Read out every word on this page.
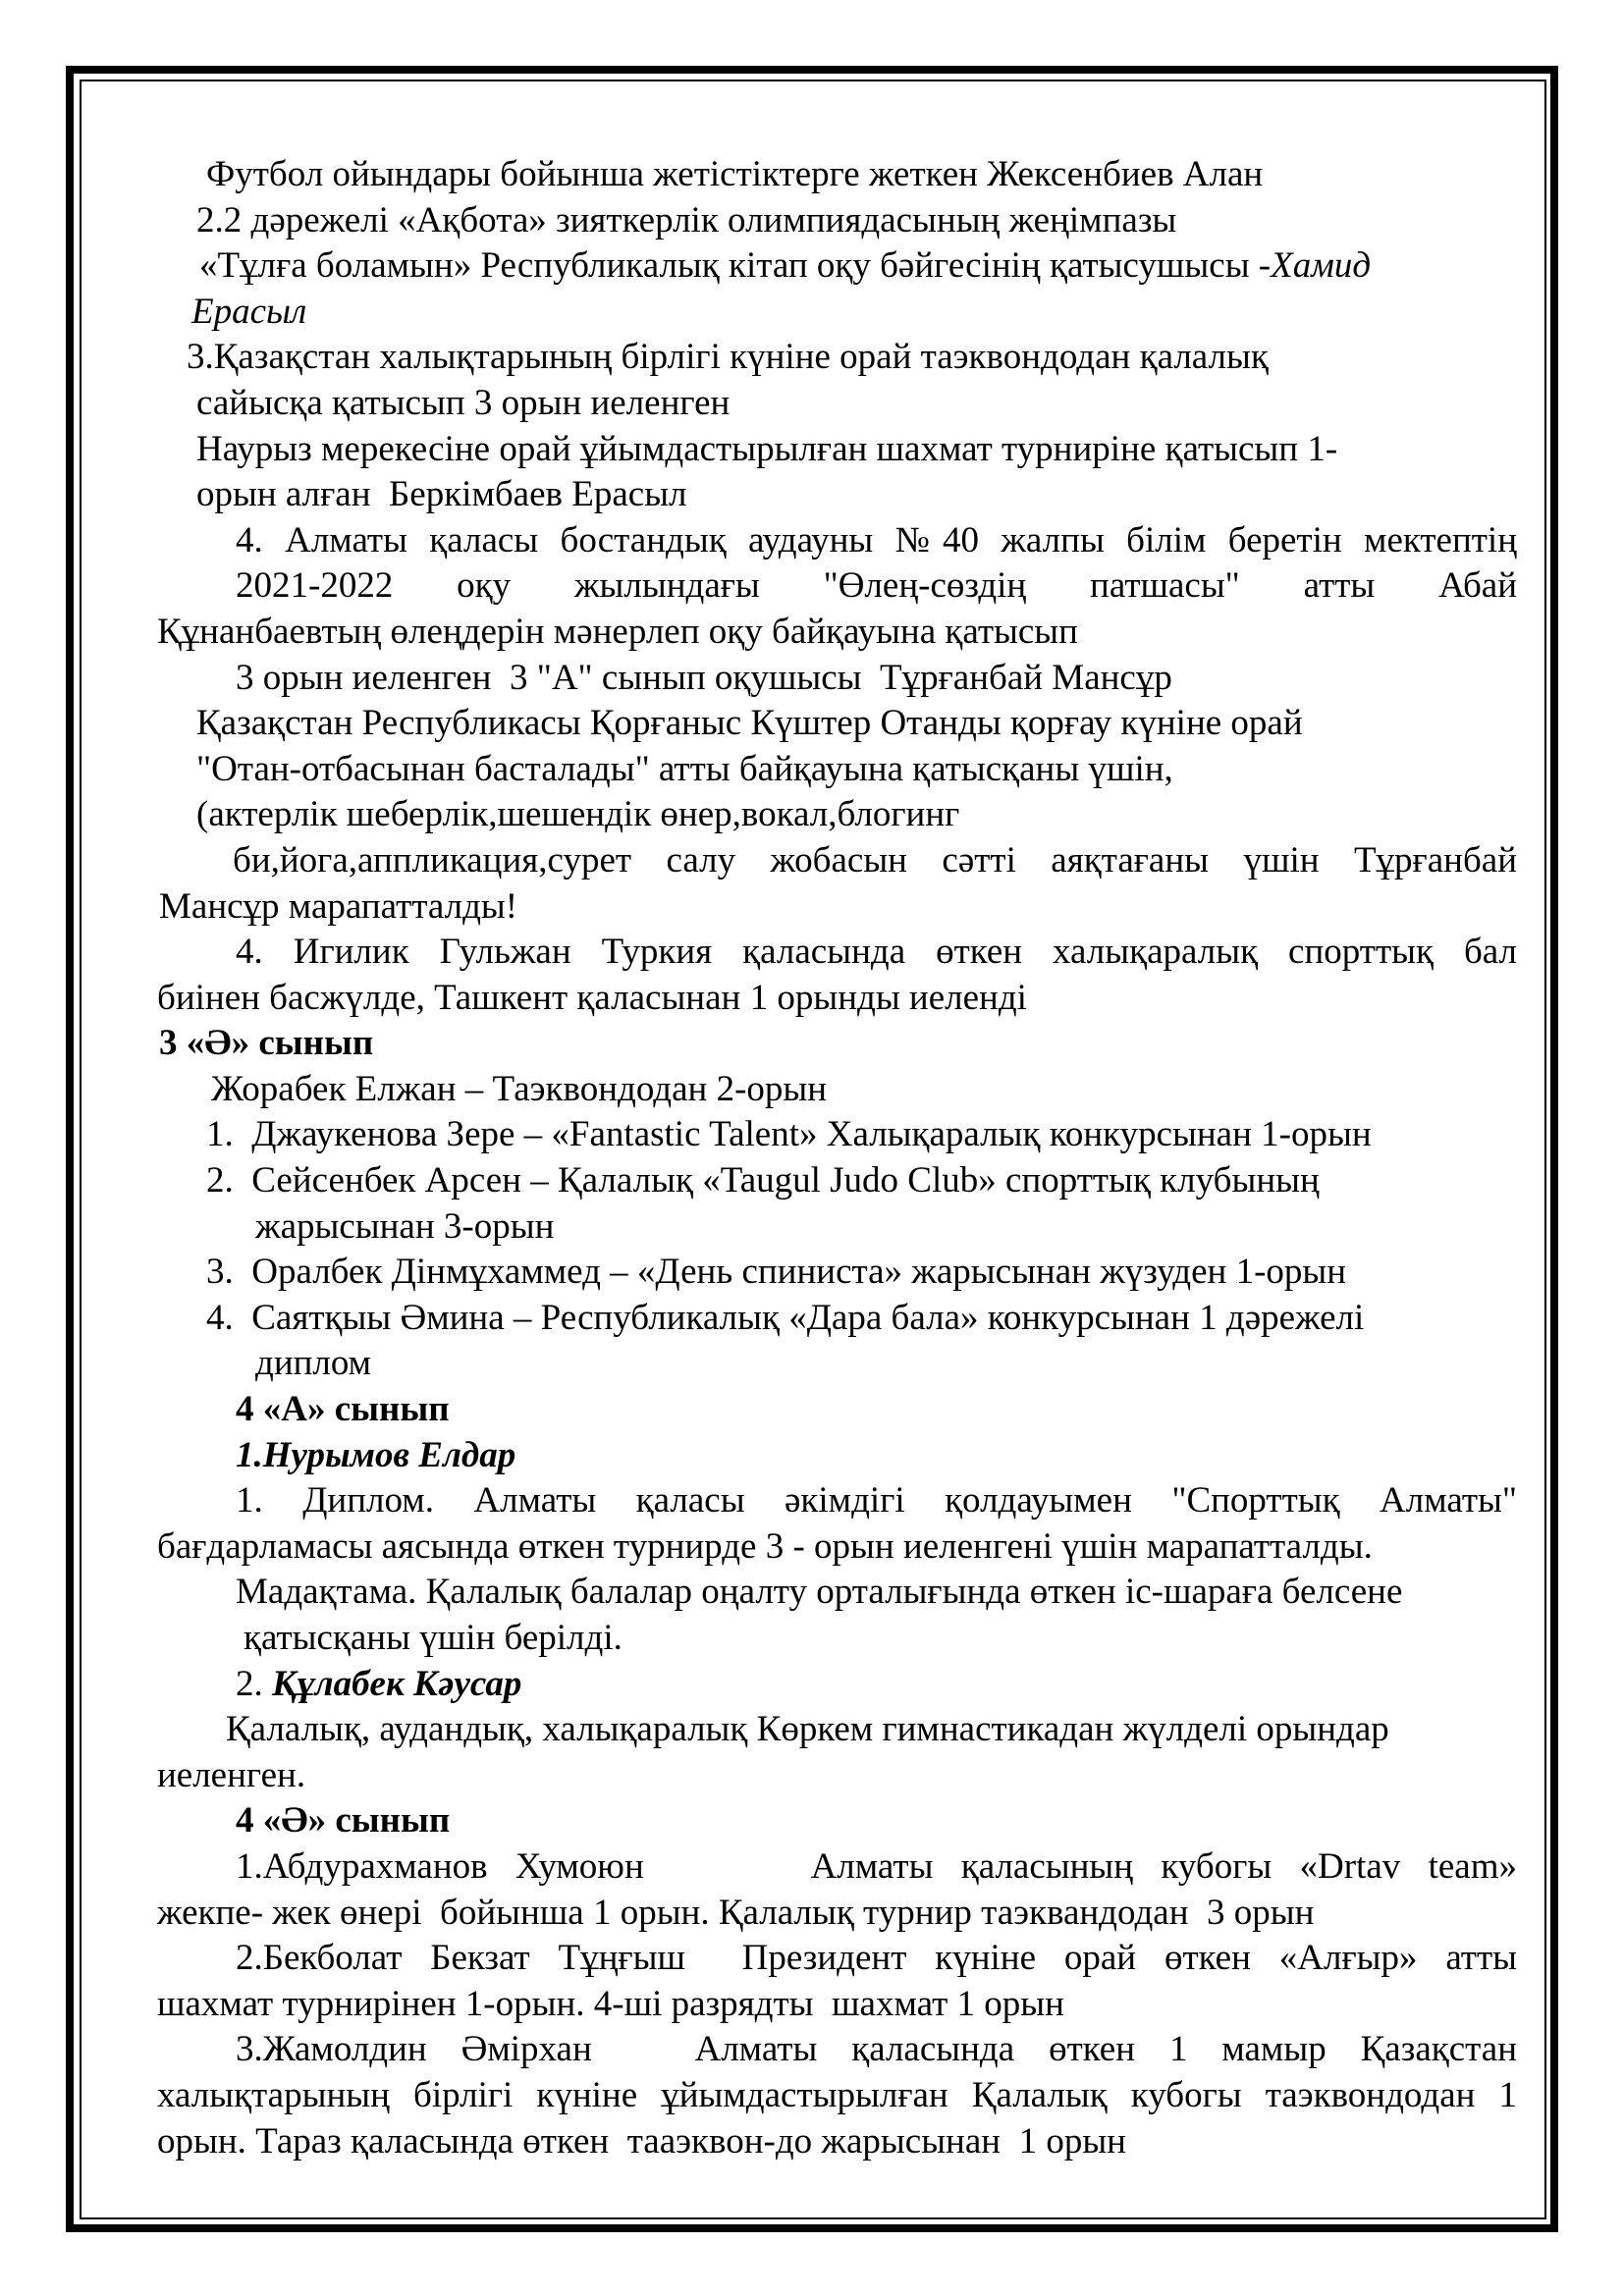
Футбол ойындары бойынша жетістіктерге жеткен Жексенбиев Алан
2.2 дәрежелі «Ақбота» зияткерлік олимпиядасының жеңімпазы
«Тұлға боламын» Республикалық кітап оқу бәйгесінің қатысушысы -Хамид
Ерасыл
3.Қазақстан халықтарының бірлігі күніне орай таэквондодан қалалық
сайысқа қатысып 3 орын иеленген
Наурыз мерекесіне орай ұйымдастырылған шахмат турниріне қатысып 1-
орын алған  Беркімбаев Ерасыл
4. Алматы қаласы бостандық аудауны №40 жалпы білім беретін мектептің
2021-2022 оқу жылындағы "Өлең-сөздің патшасы" атты Абай
Құнанбаевтың өлеңдерін мәнерлеп оқу байқауына қатысып
3 орын иеленген  3 "А" сынып оқушысы  Тұрғанбай Мансұр
Қазақстан Республикасы Қорғаныс Күштер Отанды қорғау күніне орай
"Отан-отбасынан басталады" атты байқауына қатысқаны үшін,
(актерлік шеберлік,шешендік өнер,вокал,блогинг
би,йога,аппликация,сурет салу жобасын сәтті аяқтағаны үшін Тұрғанбай
Мансұр марапатталды!
4. Игилик Гульжан Туркия қаласында өткен халықаралық спорттық бал
биінен басжүлде, Ташкент қаласынан 1 орынды иеленді
3 «Ә» сынып
Жорабек Елжан – Таэквондодан 2-орын
1.  Джаукенова Зере – «Fantastic Talent» Халықаралық конкурсынан 1-орын
2.  Сейсенбек Арсен – Қалалық «Taugul Judo Club» спорттық клубының
жарысынан 3-орын
3.  Оралбек Дінмұхаммед – «День спиниста» жарысынан жүзуден 1-орын
4.  Саятқыы Әмина – Республикалық «Дара бала» конкурсынан 1 дәрежелі
диплом
4 «А» сынып
1.Нурымов Елдар
1. Диплом. Алматы қаласы әкімдігі қолдауымен "Спорттық Алматы"
бағдарламасы аясында өткен турнирде 3 - орын иеленгені үшін марапатталды.
Мадақтама. Қалалық балалар оңалту орталығында өткен іс-шараға белсене
қатысқаны үшін берілді.
2. Құлабек Кәусар
Қалалық, аудандық, халықаралық Көркем гимнастикадан жүлделі орындар
иеленген.
4 «Ә» сынып
1.Абдурахманов Хумоюн      Алматы қаласының кубогы «Drtav team»
жекпе- жек өнері  бойынша 1 орын. Қалалық турнир таэквандодан  3 орын
2.Бекболат Бекзат Тұңғыш  Президент күніне орай өткен «Алғыр» атты
шахмат турнирінен 1-орын. 4-ші разрядты  шахмат 1 орын
3.Жамолдин Әмірхан   Алматы қаласында өткен 1 мамыр Қазақстан
халықтарының бірлігі күніне ұйымдастырылған Қалалық кубогы таэквондодан 1
орын. Тараз қаласында өткен  тааэквон-до жарысынан  1 орын
